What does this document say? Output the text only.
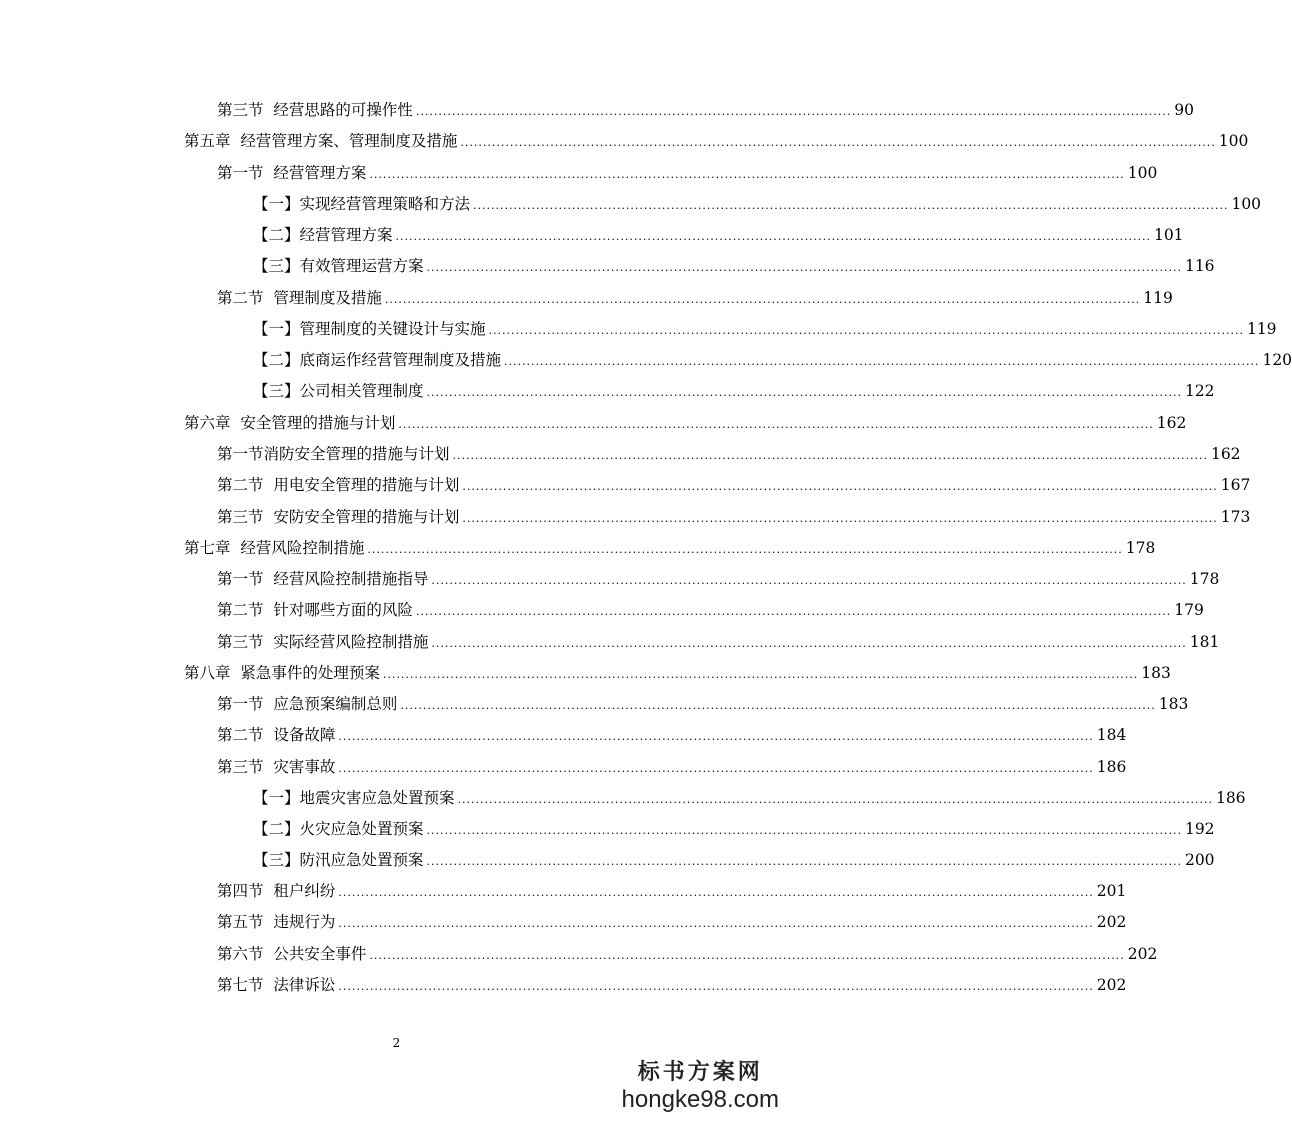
第三节  经营思路的可操作性 ........................................................................................................................................................................ 90
第五章  经营管理方案、管理制度及措施 ........................................................................................................................................................................ 100
第一节  经营管理方案 ........................................................................................................................................................................ 100
【一】实现经营管理策略和方法 ........................................................................................................................................................................ 100
【二】经营管理方案 ........................................................................................................................................................................ 101
【三】有效管理运营方案 ........................................................................................................................................................................ 116
第二节  管理制度及措施 ........................................................................................................................................................................ 119
【一】管理制度的关键设计与实施 ........................................................................................................................................................................ 119
【二】底商运作经营管理制度及措施 ........................................................................................................................................................................ 120
【三】公司相关管理制度 ........................................................................................................................................................................ 122
第六章  安全管理的措施与计划 ........................................................................................................................................................................ 162
第一节消防安全管理的措施与计划 ........................................................................................................................................................................ 162
第二节  用电安全管理的措施与计划 ........................................................................................................................................................................ 167
第三节  安防安全管理的措施与计划 ........................................................................................................................................................................ 173
第七章  经营风险控制措施 ........................................................................................................................................................................ 178
第一节  经营风险控制措施指导 ........................................................................................................................................................................ 178
第二节  针对哪些方面的风险 ........................................................................................................................................................................ 179
第三节  实际经营风险控制措施 ........................................................................................................................................................................ 181
第八章  紧急事件的处理预案 ........................................................................................................................................................................ 183
第一节  应急预案编制总则 ........................................................................................................................................................................ 183
第二节  设备故障 ........................................................................................................................................................................ 184
第三节  灾害事故 ........................................................................................................................................................................ 186
【一】地震灾害应急处置预案 ........................................................................................................................................................................ 186
【二】火灾应急处置预案 ........................................................................................................................................................................ 192
【三】防汛应急处置预案 ........................................................................................................................................................................ 200
第四节  租户纠纷 ........................................................................................................................................................................ 201
第五节  违规行为 ........................................................................................................................................................................ 202
第六节  公共安全事件 ........................................................................................................................................................................ 202
第七节  法律诉讼 ........................................................................................................................................................................ 202
2
标书方案网
hongke98.com
